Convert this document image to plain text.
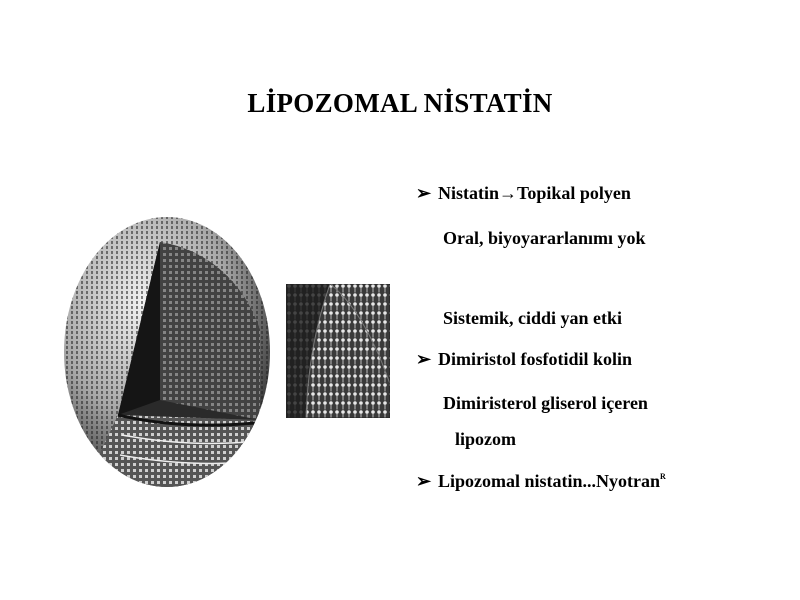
LİPOZOMAL NİSTATİN
➢ Nistatin→Topikal polyen
Oral, biyoyararlanımı yok
Sistemik, ciddi yan etki
➢ Dimiristol fosfotidil kolin
Dimiristerol gliserol içeren
lipozom
➢ Lipozomal nistatin...Nyotran$^R$
